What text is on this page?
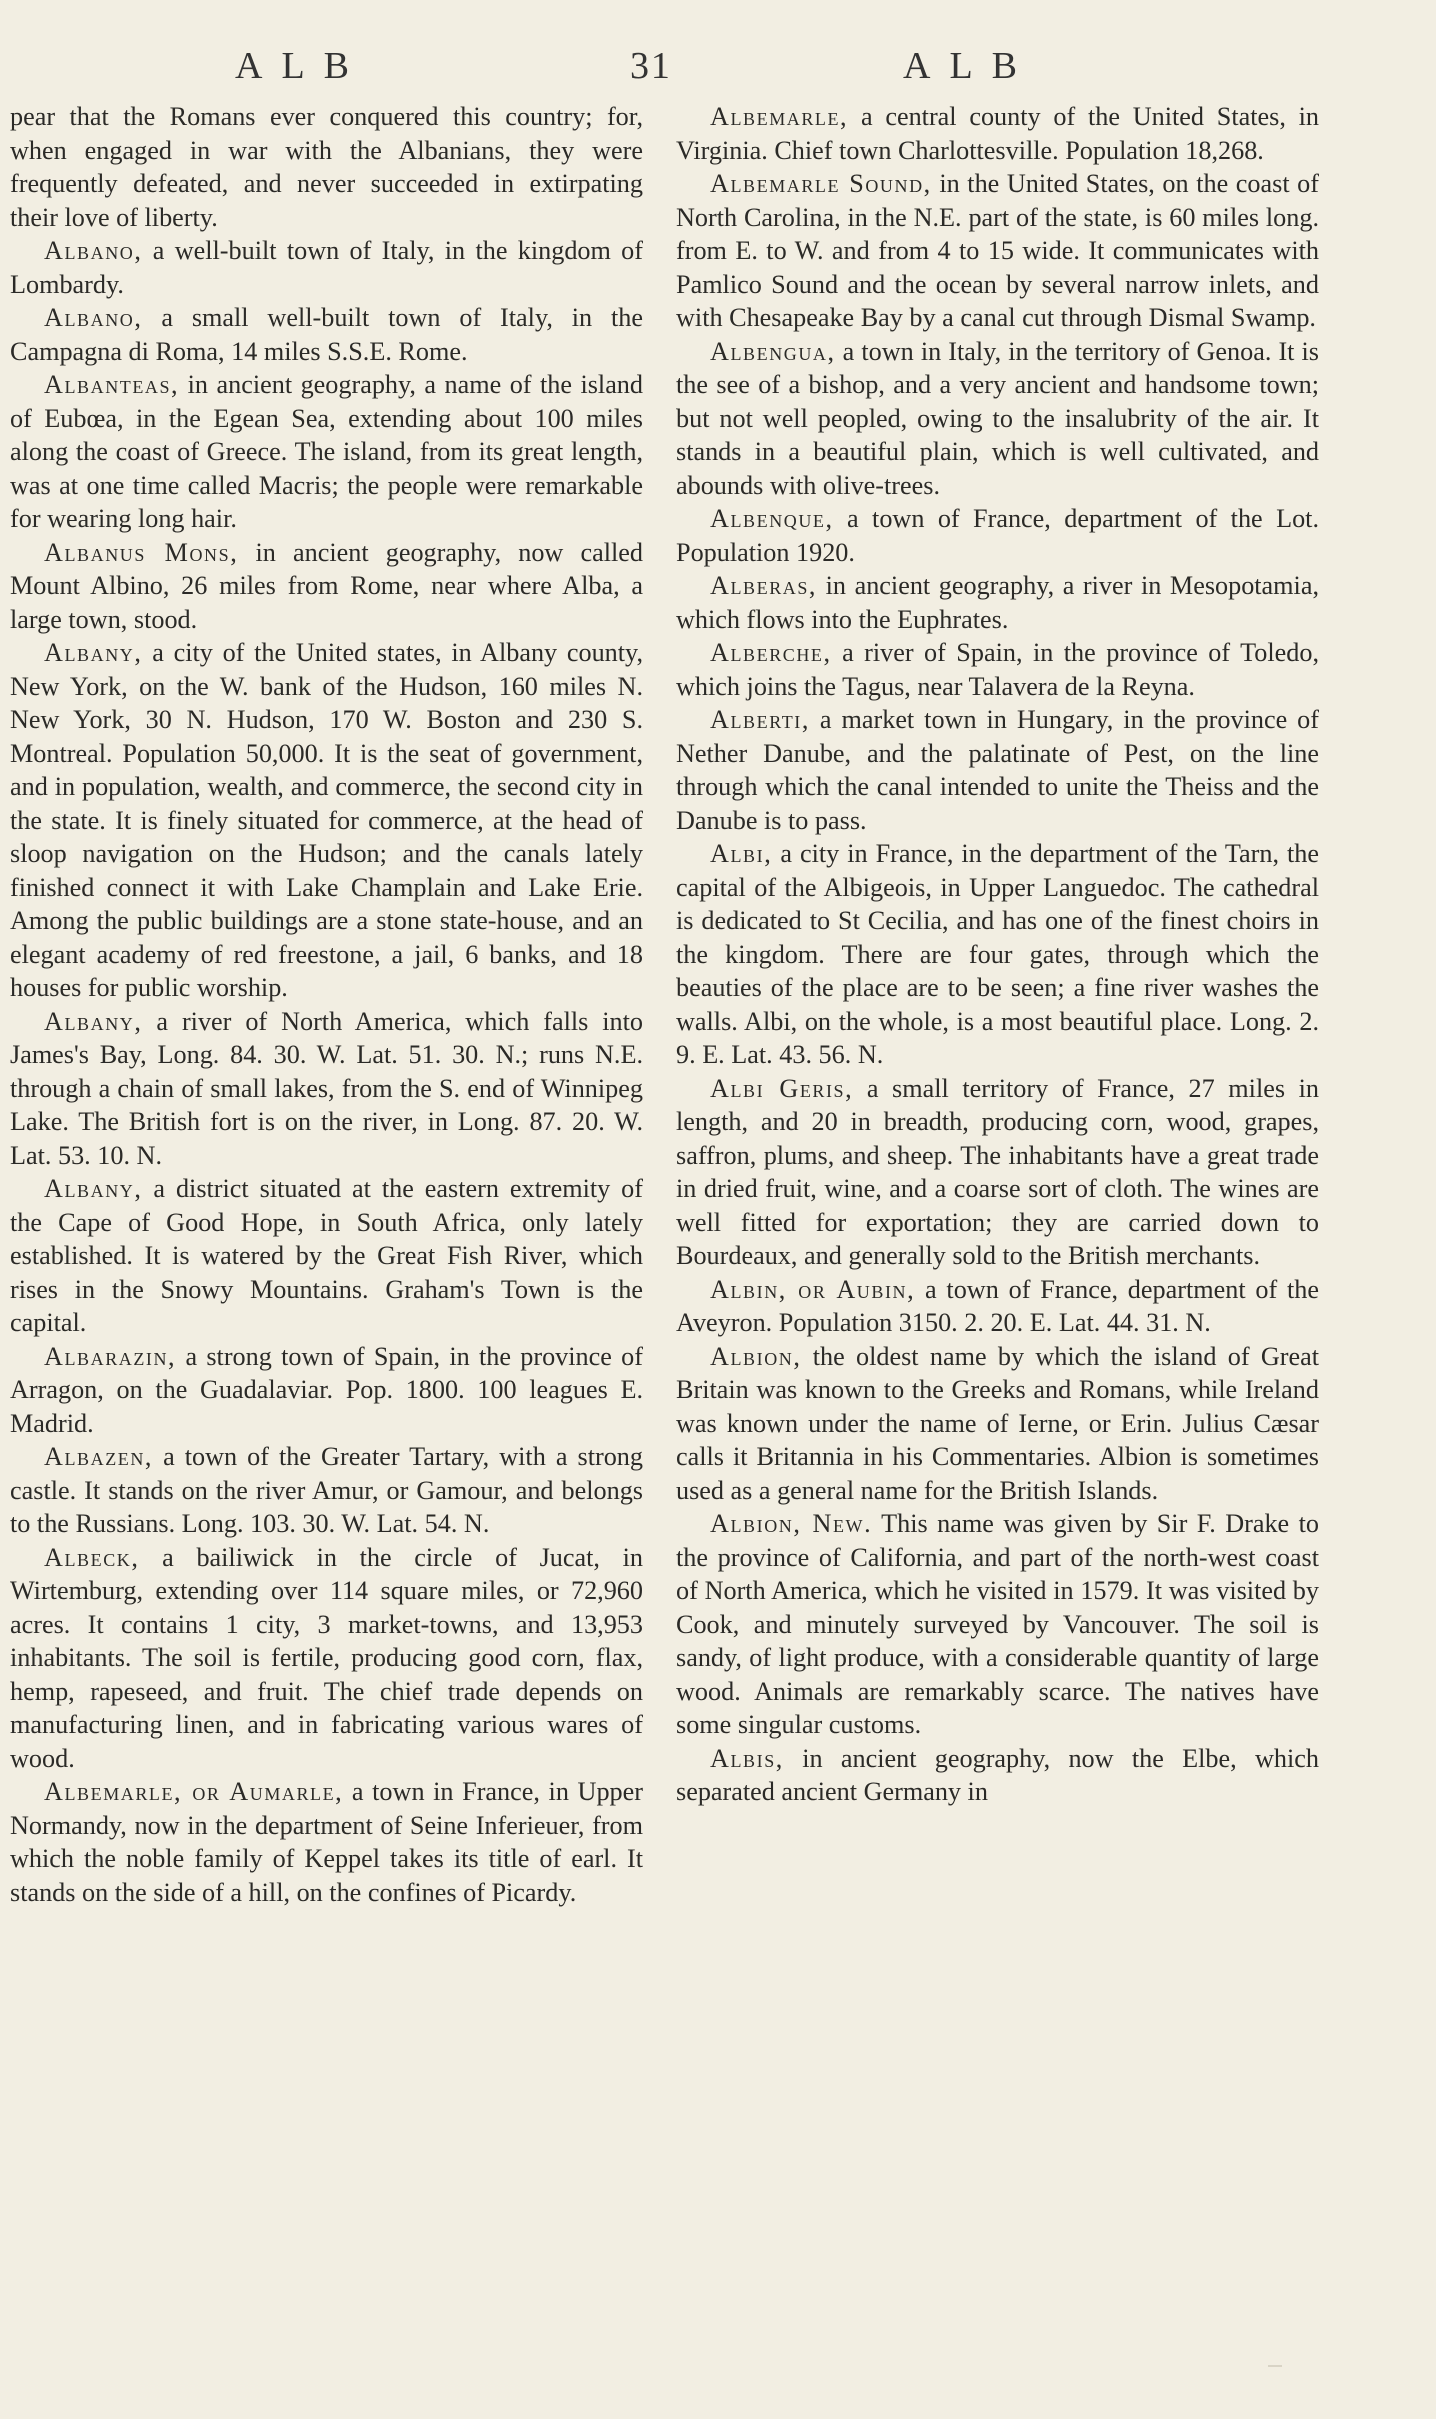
ALB	31	ALB

pear that the Romans ever conquered this country; for, when engaged in war with the Albanians, they were frequently defeated, and never succeeded in extirpating their love of liberty.

Albano, a well-built town of Italy, in the kingdom of Lombardy.

Albano, a small well-built town of Italy, in the Campagna di Roma, 14 miles S.S.E. Rome.

Albanteas, in ancient geography, a name of the island of Eubœa, in the Egean Sea, extending about 100 miles along the coast of Greece. The island, from its great length, was at one time called Macris; the people were remarkable for wearing long hair.

Albanus Mons, in ancient geography, now called Mount Albino, 26 miles from Rome, near where Alba, a large town, stood.

Albany, a city of the United states, in Albany county, New York, on the W. bank of the Hudson, 160 miles N. New York, 30 N. Hudson, 170 W. Boston and 230 S. Montreal. Population 50,000. It is the seat of government, and in population, wealth, and commerce, the second city in the state. It is finely situated for commerce, at the head of sloop navigation on the Hudson; and the canals lately finished connect it with Lake Champlain and Lake Erie. Among the public buildings are a stone state-house, and an elegant academy of red freestone, a jail, 6 banks, and 18 houses for public worship.

Albany, a river of North America, which falls into James's Bay, Long. 84. 30. W. Lat. 51. 30. N.; runs N.E. through a chain of small lakes, from the S. end of Winnipeg Lake. The British fort is on the river, in Long. 87. 20. W. Lat. 53. 10. N.

Albany, a district situated at the eastern extremity of the Cape of Good Hope, in South Africa, only lately established. It is watered by the Great Fish River, which rises in the Snowy Mountains. Graham's Town is the capital.

Albarazin, a strong town of Spain, in the province of Arragon, on the Guadalaviar. Pop. 1800. 100 leagues E. Madrid.

Albazen, a town of the Greater Tartary, with a strong castle. It stands on the river Amur, or Gamour, and belongs to the Russians. Long. 103. 30. W. Lat. 54. N.

Albeck, a bailiwick in the circle of Jucat, in Wirtemburg, extending over 114 square miles, or 72,960 acres. It contains 1 city, 3 market-towns, and 13,953 inhabitants. The soil is fertile, producing good corn, flax, hemp, rapeseed, and fruit. The chief trade depends on manufacturing linen, and in fabricating various wares of wood.

Albemarle, or Aumarle, a town in France, in Upper Normandy, now in the department of Seine Inferieuer, from which the noble family of Keppel takes its title of earl. It stands on the side of a hill, on the confines of Picardy.

Albemarle, a central county of the United States, in Virginia. Chief town Charlottesville. Population 18,268.

Albemarle Sound, in the United States, on the coast of North Carolina, in the N.E. part of the state, is 60 miles long. from E. to W. and from 4 to 15 wide. It communicates with Pamlico Sound and the ocean by several narrow inlets, and with Chesapeake Bay by a canal cut through Dismal Swamp.

Albengua, a town in Italy, in the territory of Genoa. It is the see of a bishop, and a very ancient and handsome town; but not well peopled, owing to the insalubrity of the air. It stands in a beautiful plain, which is well cultivated, and abounds with olive-trees.

Albenque, a town of France, department of the Lot. Population 1920.

Alberas, in ancient geography, a river in Mesopotamia, which flows into the Euphrates.

Alberche, a river of Spain, in the province of Toledo, which joins the Tagus, near Talavera de la Reyna.

Alberti, a market town in Hungary, in the province of Nether Danube, and the palatinate of Pest, on the line through which the canal intended to unite the Theiss and the Danube is to pass.

Albi, a city in France, in the department of the Tarn, the capital of the Albigeois, in Upper Languedoc. The cathedral is dedicated to St Cecilia, and has one of the finest choirs in the kingdom. There are four gates, through which the beauties of the place are to be seen; a fine river washes the walls. Albi, on the whole, is a most beautiful place. Long. 2. 9. E. Lat. 43. 56. N.

Albi Geris, a small territory of France, 27 miles in length, and 20 in breadth, producing corn, wood, grapes, saffron, plums, and sheep. The inhabitants have a great trade in dried fruit, wine, and a coarse sort of cloth. The wines are well fitted for exportation; they are carried down to Bourdeaux, and generally sold to the British merchants.

Albin, or Aubin, a town of France, department of the Aveyron. Population 3150. 2. 20. E. Lat. 44. 31. N.

Albion, the oldest name by which the island of Great Britain was known to the Greeks and Romans, while Ireland was known under the name of Ierne, or Erin. Julius Cæsar calls it Britannia in his Commentaries. Albion is sometimes used as a general name for the British Islands.

Albion, New. This name was given by Sir F. Drake to the province of California, and part of the north-west coast of North America, which he visited in 1579. It was visited by Cook, and minutely surveyed by Vancouver. The soil is sandy, of light produce, with a considerable quantity of large wood. Animals are remarkably scarce. The natives have some singular customs.

Albis, in ancient geography, now the Elbe, which separated ancient Germany in
